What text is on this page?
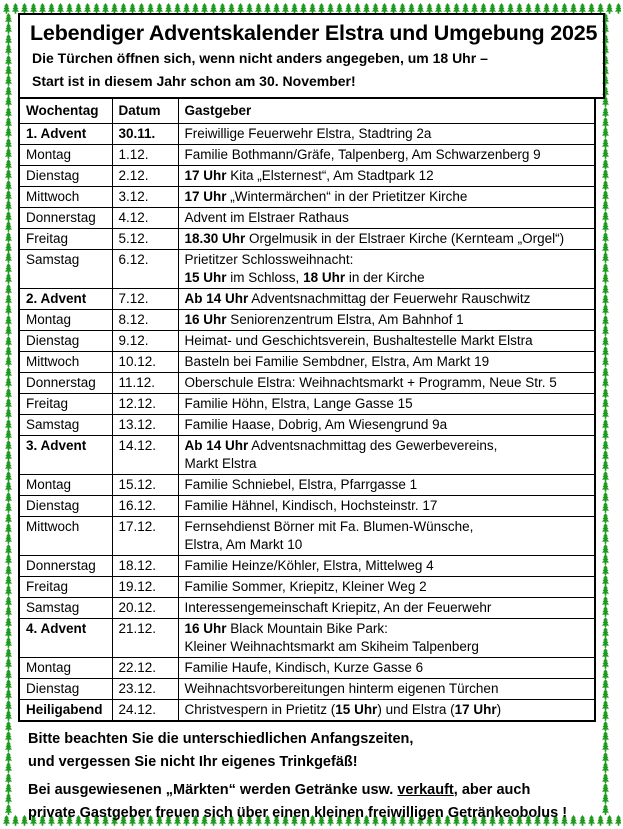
Lebendiger Adventskalender Elstra und Umgebung 2025
Die Türchen öffnen sich, wenn nicht anders angegeben, um 18 Uhr –
Start ist in diesem Jahr schon am 30. November!
Wochentag	Datum	Gastgeber
1. Advent	30.11.	Freiwillige Feuerwehr Elstra, Stadtring 2a

Montag	1.12.	Familie Bothmann/Gräfe, Talpenberg, Am Schwarzenberg 9

Dienstag	2.12.	17 Uhr Kita „Elsternest“, Am Stadtpark 12

Mittwoch	3.12.	17 Uhr „Wintermärchen“ in der Prietitzer Kirche

Donnerstag	4.12.	Advent im Elstraer Rathaus

Freitag	5.12.	18.30 Uhr Orgelmusik in der Elstraer Kirche (Kernteam „Orgel“)

Samstag	6.12.	Prietitzer Schlossweihnacht:
15 Uhr im Schloss, 18 Uhr in der Kirche

2. Advent	7.12.	Ab 14 Uhr Adventsnachmittag der Feuerwehr Rauschwitz

Montag	8.12.	16 Uhr Seniorenzentrum Elstra, Am Bahnhof 1

Dienstag	9.12.	Heimat- und Geschichtsverein, Bushaltestelle Markt Elstra

Mittwoch	10.12.	Basteln bei Familie Sembdner, Elstra, Am Markt 19

Donnerstag	11.12.	Oberschule Elstra: Weihnachtsmarkt + Programm, Neue Str. 5

Freitag	12.12.	Familie Höhn, Elstra, Lange Gasse 15

Samstag	13.12.	Familie Haase, Dobrig, Am Wiesengrund 9a

3. Advent	14.12.	Ab 14 Uhr Adventsnachmittag des Gewerbevereins,
Markt Elstra

Montag	15.12.	Familie Schniebel, Elstra, Pfarrgasse 1

Dienstag	16.12.	Familie Hähnel, Kindisch, Hochsteinstr. 17

Mittwoch	17.12.	Fernsehdienst Börner mit Fa. Blumen-Wünsche,
Elstra, Am Markt 10

Donnerstag	18.12.	Familie Heinze/Köhler, Elstra, Mittelweg 4

Freitag	19.12.	Familie Sommer, Kriepitz, Kleiner Weg 2

Samstag	20.12.	Interessengemeinschaft Kriepitz, An der Feuerwehr

4. Advent	21.12.	16 Uhr Black Mountain Bike Park:
Kleiner Weihnachtsmarkt am Skiheim Talpenberg

Montag	22.12.	Familie Haufe, Kindisch, Kurze Gasse 6

Dienstag	23.12.	Weihnachtsvorbereitungen hinterm eigenen Türchen

Heiligabend	24.12.	Christvespern in Prietitz (15 Uhr) und Elstra (17 Uhr)
Bitte beachten Sie die unterschiedlichen Anfangszeiten,
und vergessen Sie nicht Ihr eigenes Trinkgefäß!
Bei ausgewiesenen „Märkten“ werden Getränke usw. verkauft, aber auch
private Gastgeber freuen sich über einen kleinen freiwilligen Getränkeobolus !
